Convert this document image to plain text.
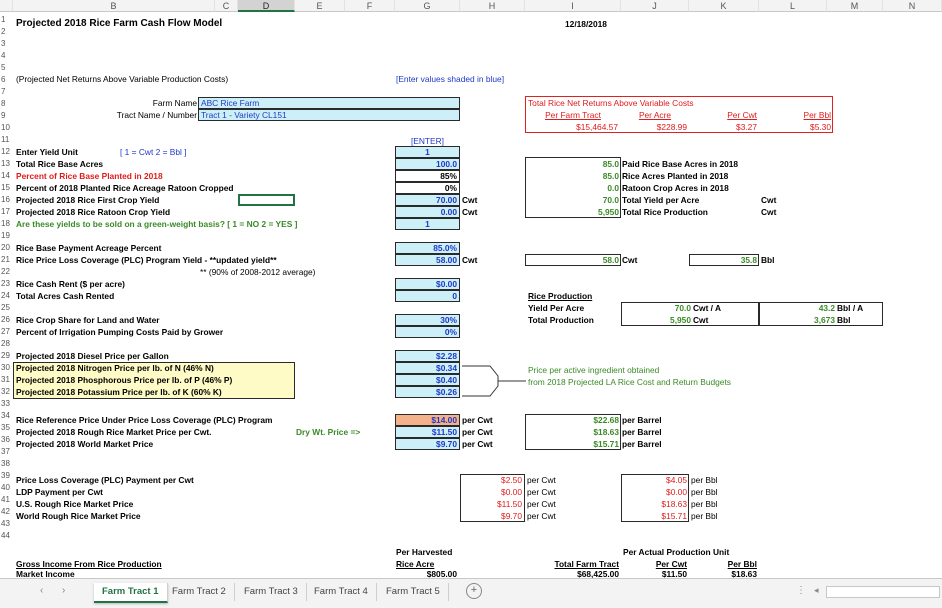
B	C	D	E	F	G	H	I	J	K	L	M	N
1
2
3
4
5
6
7
8
9
10
11
12
13
14
15
16
17
18
19
20
21
22
23
24
25
26
27
28
29
30
31
32
33
34
35
36
37
38
39
40
41
42
43
44
Projected 2018 Rice Farm Cash Flow Model	12/18/2018
(Projected Net Returns Above Variable Production Costs)	[Enter values shaded in blue]
Farm Name ABC Rice Farm
Tract Name / Number Tract 1 - Variety CL151
Total Rice Net Returns Above Variable Costs
Per Farm Tract	Per Acre	Per Cwt	Per Bbl
$15,464.57	$228.99	$3.27	$5.30
[ENTER]
Enter Yield Unit	[ 1 = Cwt 2 = Bbl ]	1
Total Rice Base Acres	100.0
Percent of Rice Base Planted in 2018	85%
Percent of 2018 Planted Rice Acreage Ratoon Cropped	0%
Projected 2018 Rice First Crop Yield	70.00 Cwt
Projected 2018 Rice Ratoon Crop Yield	0.00 Cwt
Are these yields to be sold on a green-weight basis? [ 1 = NO 2 = YES ]	1
85.0 Paid Rice Base Acres in 2018
85.0 Rice Acres Planted in 2018
0.0 Ratoon Crop Acres in 2018
70.0 Total Yield per Acre	Cwt
5,950 Total Rice Production	Cwt
Rice Base Payment Acreage Percent	85.0%
Rice Price Loss Coverage (PLC) Program Yield - **updated yield**	58.00 Cwt	58.0 Cwt	35.8 Bbl
** (90% of 2008-2012 average)
Rice Cash Rent ($ per acre)	$0.00
Total Acres Cash Rented	0	Rice Production
Yield Per Acre	70.0 Cwt / A	43.2 Bbl / A
Total Production	5,950 Cwt	3,673 Bbl
Rice Crop Share for Land and Water	30%
Percent of Irrigation Pumping Costs Paid by Grower	0%
Projected 2018 Diesel Price per Gallon	$2.28
Projected 2018 Nitrogen Price per lb. of N (46% N)	$0.34
Projected 2018 Phosphorous Price per lb. of P (46% P)	$0.40
Projected 2018 Potassium Price per lb. of K (60% K)	$0.26
Price per active ingredient obtained
from 2018 Projected LA Rice Cost and Return Budgets
Rice Reference Price Under Price Loss Coverage (PLC) Program	$14.00 per Cwt	$22.68 per Barrel
Projected 2018 Rough Rice Market Price per Cwt.	Dry Wt. Price =>	$11.50 per Cwt	$18.63 per Barrel
Projected 2018 World Market Price	$9.70 per Cwt	$15.71 per Barrel
Price Loss Coverage (PLC) Payment per Cwt	$2.50 per Cwt	$4.05 per Bbl
LDP Payment per Cwt	$0.00 per Cwt	$0.00 per Bbl
U.S. Rough Rice Market Price	$11.50 per Cwt	$18.63 per Bbl
World Rough Rice Market Price	$9.70 per Cwt	$15.71 per Bbl
Per Harvested	Per Actual Production Unit
Gross Income From Rice Production	Rice Acre	Total Farm Tract	Per Cwt	Per Bbl
Market Income	$805.00	$68,425.00	$11.50	$18.63
‹ ›	Farm Tract 1	Farm Tract 2	Farm Tract 3	Farm Tract 4	Farm Tract 5	+	⋮ ◂
